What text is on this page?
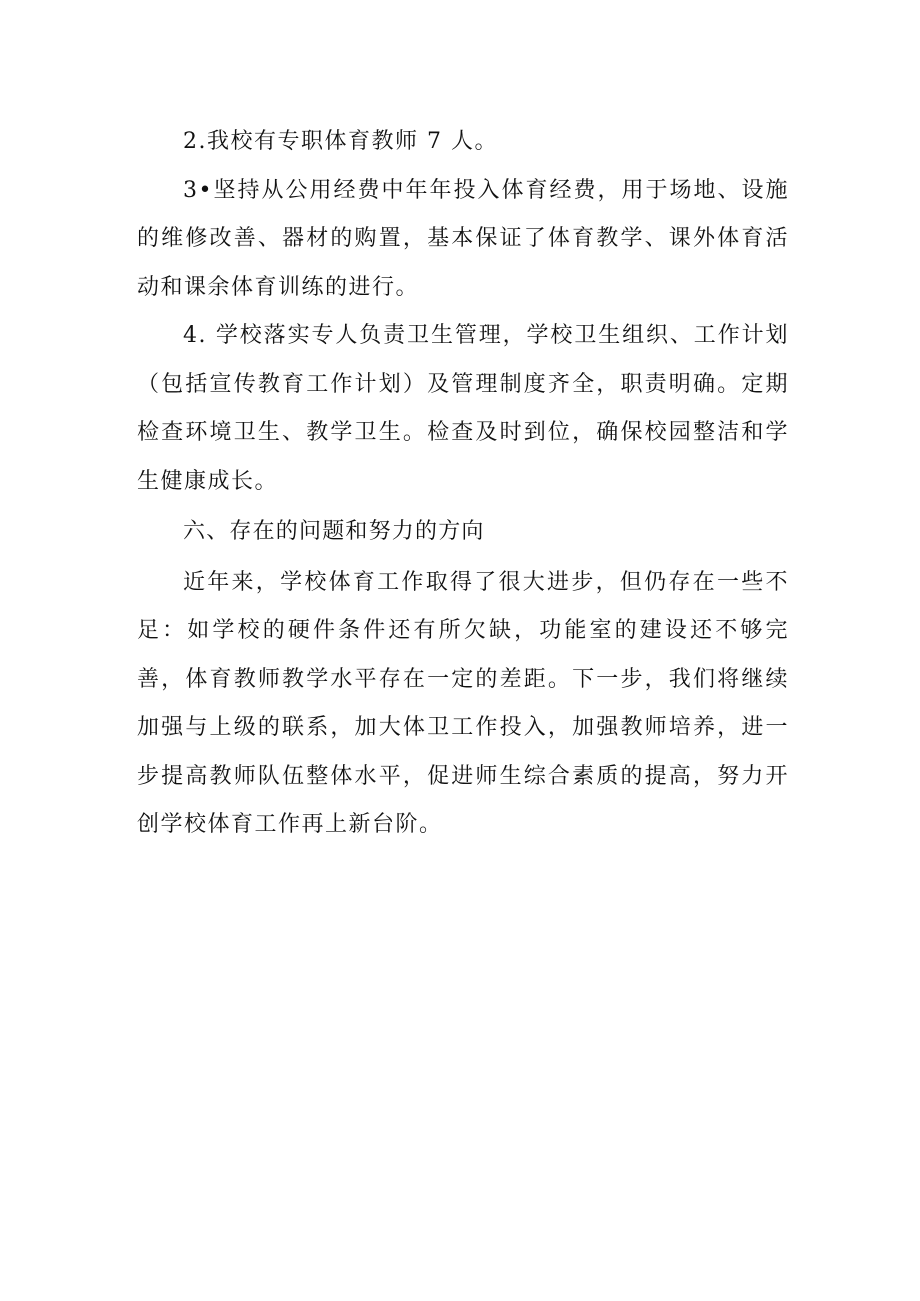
2.我校有专职体育教师 7 人。

3•坚持从公用经费中年年投入体育经费，用于场地、设施的维修改善、器材的购置，基本保证了体育教学、课外体育活动和课余体育训练的进行。

4. 学校落实专人负责卫生管理，学校卫生组织、工作计划（包括宣传教育工作计划）及管理制度齐全，职责明确。定期检查环境卫生、教学卫生。检查及时到位，确保校园整洁和学生健康成长。

六、存在的问题和努力的方向

近年来，学校体育工作取得了很大进步，但仍存在一些不足：如学校的硬件条件还有所欠缺，功能室的建设还不够完善，体育教师教学水平存在一定的差距。下一步，我们将继续加强与上级的联系，加大体卫工作投入，加强教师培养，进一步提高教师队伍整体水平，促进师生综合素质的提高，努力开创学校体育工作再上新台阶。
